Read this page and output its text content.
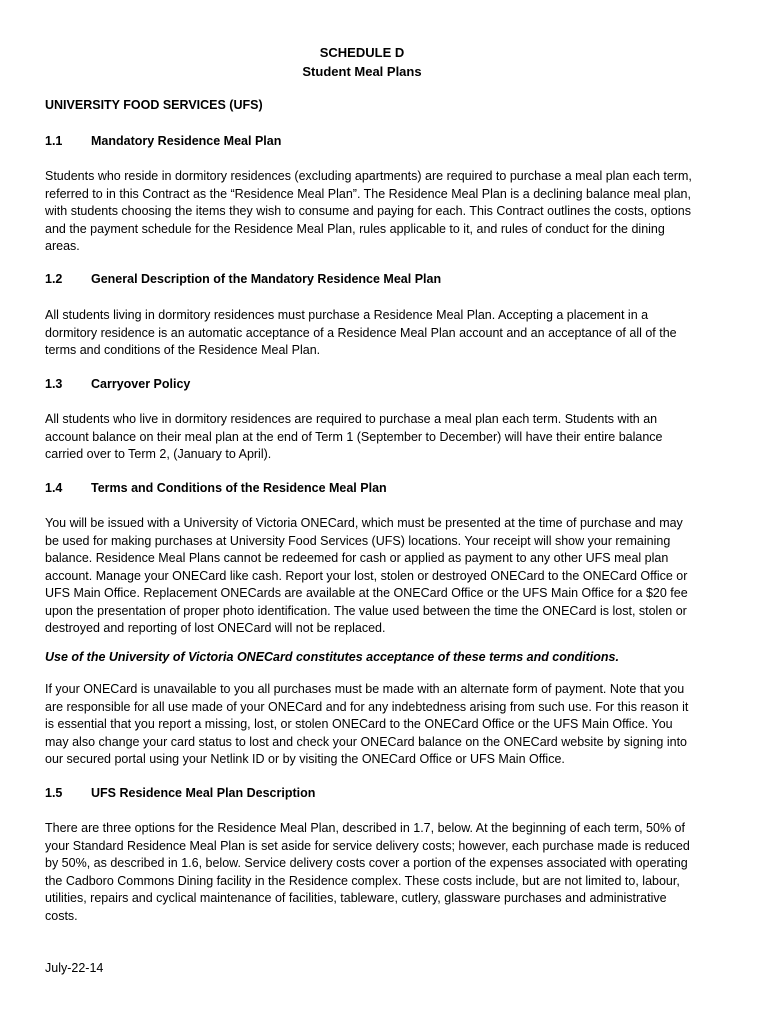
SCHEDULE D
Student Meal Plans
UNIVERSITY FOOD SERVICES (UFS)
1.1 Mandatory Residence Meal Plan
Students who reside in dormitory residences (excluding apartments) are required to purchase a meal plan each term, referred to in this Contract as the “Residence Meal Plan”. The Residence Meal Plan is a declining balance meal plan, with students choosing the items they wish to consume and paying for each. This Contract outlines the costs, options and the payment schedule for the Residence Meal Plan, rules applicable to it, and rules of conduct for the dining areas.
1.2 General Description of the Mandatory Residence Meal Plan
All students living in dormitory residences must purchase a Residence Meal Plan. Accepting a placement in a dormitory residence is an automatic acceptance of a Residence Meal Plan account and an acceptance of all of the terms and conditions of the Residence Meal Plan.
1.3 Carryover Policy
All students who live in dormitory residences are required to purchase a meal plan each term. Students with an account balance on their meal plan at the end of Term 1 (September to December) will have their entire balance carried over to Term 2, (January to April).
1.4 Terms and Conditions of the Residence Meal Plan
You will be issued with a University of Victoria ONECard, which must be presented at the time of purchase and may be used for making purchases at University Food Services (UFS) locations. Your receipt will show your remaining balance. Residence Meal Plans cannot be redeemed for cash or applied as payment to any other UFS meal plan account. Manage your ONECard like cash. Report your lost, stolen or destroyed ONECard to the ONECard Office or UFS Main Office. Replacement ONECards are available at the ONECard Office or the UFS Main Office for a $20 fee upon the presentation of proper photo identification. The value used between the time the ONECard is lost, stolen or destroyed and reporting of lost ONECard will not be replaced.
Use of the University of Victoria ONECard constitutes acceptance of these terms and conditions.
If your ONECard is unavailable to you all purchases must be made with an alternate form of payment. Note that you are responsible for all use made of your ONECard and for any indebtedness arising from such use. For this reason it is essential that you report a missing, lost, or stolen ONECard to the ONECard Office or the UFS Main Office. You may also change your card status to lost and check your ONECard balance on the ONECard website by signing into our secured portal using your Netlink ID or by visiting the ONECard Office or UFS Main Office.
1.5 UFS Residence Meal Plan Description
There are three options for the Residence Meal Plan, described in 1.7, below. At the beginning of each term, 50% of your Standard Residence Meal Plan is set aside for service delivery costs; however, each purchase made is reduced by 50%, as described in 1.6, below. Service delivery costs cover a portion of the expenses associated with operating the Cadboro Commons Dining facility in the Residence complex. These costs include, but are not limited to, labour, utilities, repairs and cyclical maintenance of facilities, tableware, cutlery, glassware purchases and administrative costs.
July-22-14
